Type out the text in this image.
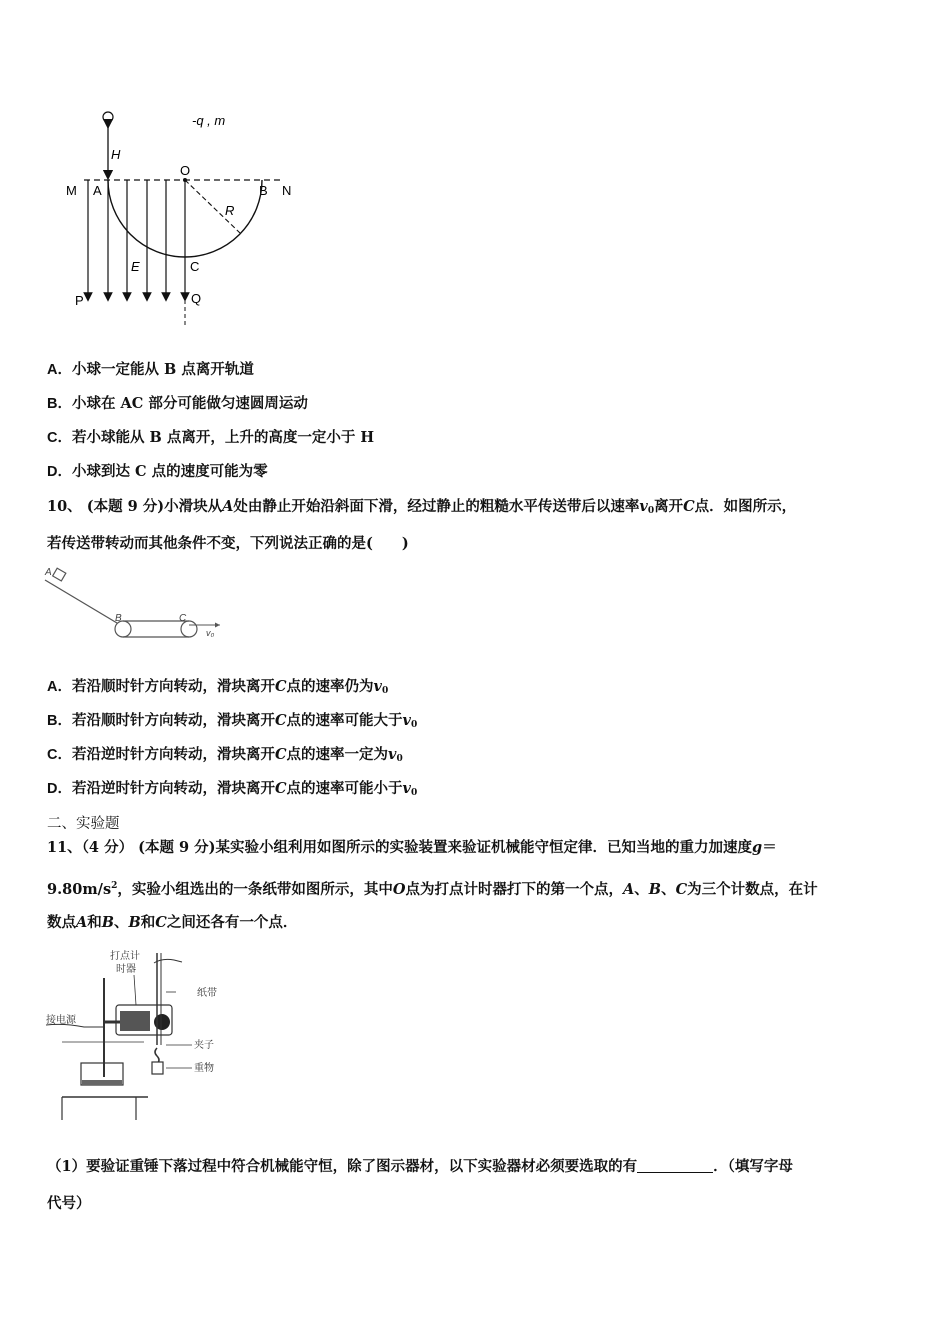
H
-q , m
M A
O
B N
R
C
E
P	Q
A．小球一定能从 B 点离开轨道
B．小球在 AC 部分可能做匀速圆周运动
C．若小球能从 B 点离开，上升的高度一定小于 H
D．小球到达 C 点的速度可能为零
10、 (本题 9 分)小滑块从A处由静止开始沿斜面下滑，经过静止的粗糙水平传送带后以速率$v_0$离开C点．如图所示，
若传送带转动而其他条件不变，下列说法正确的是(　　)
A
B	C
v₀
A．若沿顺时针方向转动，滑块离开C点的速率仍为$v_0$
B．若沿顺时针方向转动，滑块离开C点的速率可能大于$v_0$
C．若沿逆时针方向转动，滑块离开C点的速率一定为$v_0$
D．若沿逆时针方向转动，滑块离开C点的速率可能小于$v_0$
二、实验题
11、（4 分） (本题 9 分)某实验小组利用如图所示的实验装置来验证机械能守恒定律．已知当地的重力加速度g＝
$9.80m/s^2$，实验小组选出的一条纸带如图所示，其中O点为打点计时器打下的第一个点，A、B、C为三个计数点，在计
数点A和B、B和C之间还各有一个点．
接电源
打点计
时器
纸带
夹子
重物
（1）要验证重锤下落过程中符合机械能守恒，除了图示器材，以下实验器材必须要选取的有	．（填写字母
代号）
